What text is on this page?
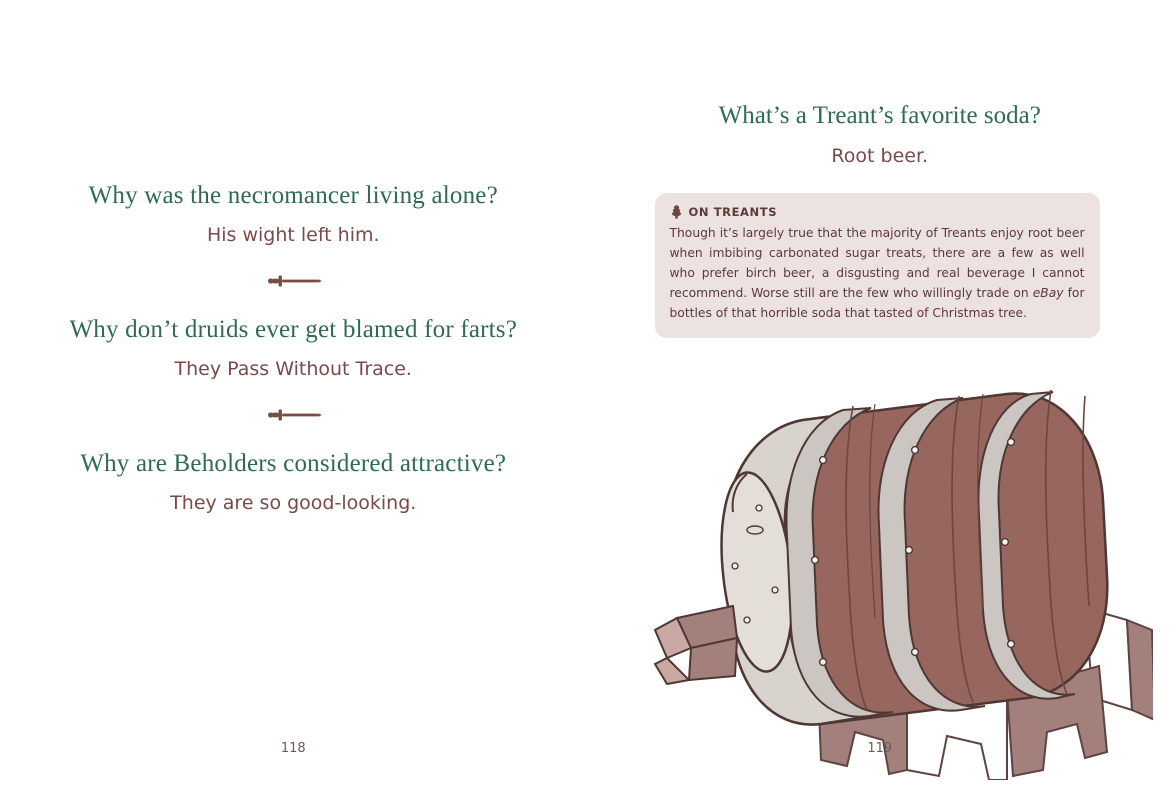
Why was the necromancer living alone?

His wight left him.

Why don’t druids ever get blamed for farts?

They Pass Without Trace.

Why are Beholders considered attractive?

They are so good-looking.

118

What’s a Treant’s favorite soda?

Root beer.

ON TREANTS

Though it’s largely true that the majority of Treants enjoy root beer when imbibing carbonated sugar treats, there are a few as well who prefer birch beer, a disgusting and real beverage I cannot recommend. Worse still are the few who willingly trade on eBay for bottles of that horrible soda that tasted of Christmas tree.

119
